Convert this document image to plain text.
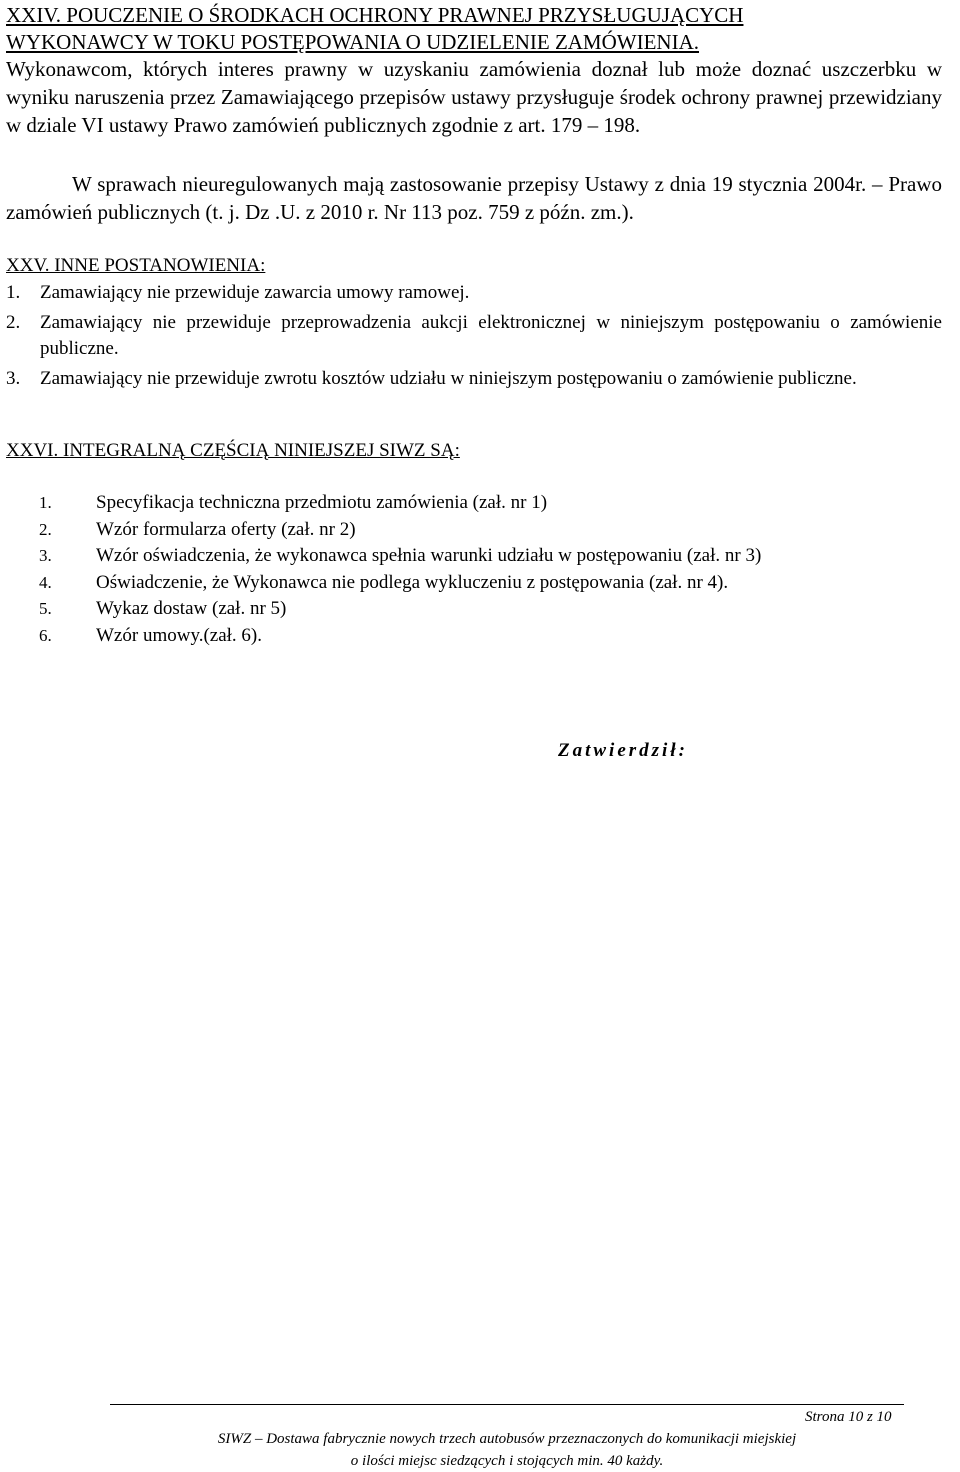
XXIV. POUCZENIE O ŚRODKACH OCHRONY PRAWNEJ PRZYSŁUGUJĄCYCH
WYKONAWCY W TOKU POSTĘPOWANIA O UDZIELENIE ZAMÓWIENIA.

Wykonawcom, których interes prawny w uzyskaniu zamówienia doznał lub może doznać uszczerbku w wyniku naruszenia przez Zamawiającego przepisów ustawy przysługuje środek ochrony prawnej przewidziany w dziale VI ustawy Prawo zamówień publicznych zgodnie z art. 179 – 198.

W sprawach nieuregulowanych mają zastosowanie przepisy Ustawy z dnia 19 stycznia 2004r. – Prawo zamówień publicznych (t. j. Dz .U. z 2010 r. Nr 113 poz. 759 z późn. zm.).

XXV. INNE POSTANOWIENIA:
1. Zamawiający nie przewiduje zawarcia umowy ramowej.
2. Zamawiający nie przewiduje przeprowadzenia aukcji elektronicznej w niniejszym postępowaniu o zamówienie publiczne.
3. Zamawiający nie przewiduje zwrotu kosztów udziału w niniejszym postępowaniu o zamówienie publiczne.
XXVI. INTEGRALNĄ CZĘŚCIĄ NINIEJSZEJ SIWZ SĄ:
1. Specyfikacja techniczna przedmiotu zamówienia (zał. nr 1)
2. Wzór formularza oferty (zał. nr 2)
3. Wzór oświadczenia, że wykonawca spełnia warunki udziału w postępowaniu (zał. nr 3)
4. Oświadczenie, że Wykonawca nie podlega wykluczeniu z postępowania (zał. nr 4).
5. Wykaz dostaw (zał. nr 5)
6. Wzór umowy.(zał. 6).
Zatwierdził:
Strona 10 z 10
SIWZ – Dostawa fabrycznie nowych trzech autobusów przeznaczonych do komunikacji miejskiej
o ilości miejsc siedzących i stojących min. 40 każdy.
